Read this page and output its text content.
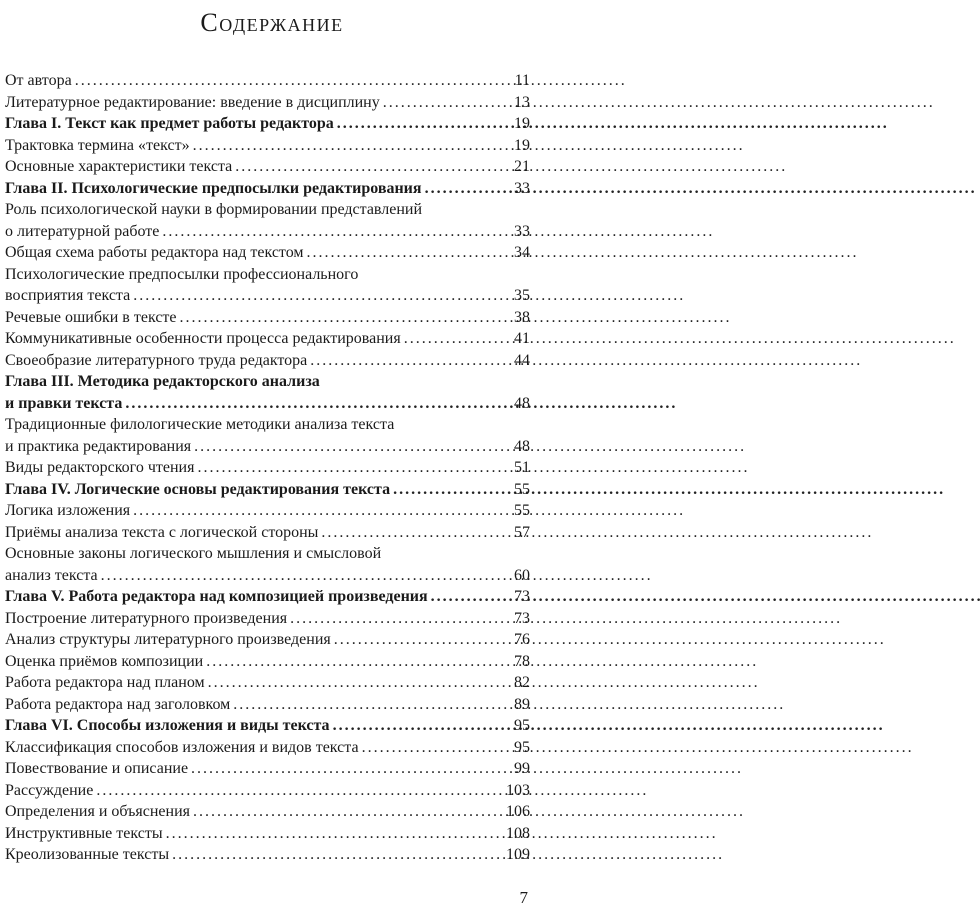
Содержание
От автора . . .	11
Литературное редактирование: введение в дисциплину . . .	13
Глава I. Текст как предмет работы редактора . . .	19
Трактовка термина «текст» . . .	19
Основные характеристики текста . . .	21
Глава II. Психологические предпосылки редактирования . . .	33
Роль психологической науки в формировании представлений
о литературной работе . . .	33
Общая схема работы редактора над текстом . . .	34
Психологические предпосылки профессионального
восприятия текста . . .	35
Речевые ошибки в тексте . . .	38
Коммуникативные особенности процесса редактирования . . .	41
Своеобразие литературного труда редактора . . .	44
Глава III. Методика редакторского анализа
и правки текста . . .	48
Традиционные филологические методики анализа текста
и практика редактирования . . .	48
Виды редакторского чтения . . .	51
Глава IV. Логические основы редактирования текста . . .	55
Логика изложения . . .	55
Приёмы анализа текста с логической стороны . . .	57
Основные законы логического мышления и смысловой
анализ текста . . .	60
Глава V. Работа редактора над композицией произведения . . .	73
Построение литературного произведения . . .	73
Анализ структуры литературного произведения . . .	76
Оценка приёмов композиции . . .	78
Работа редактора над планом . . .	82
Работа редактора над заголовком . . .	89
Глава VI. Способы изложения и виды текста . . .	95
Классификация способов изложения и видов текста . . .	95
Повествование и описание . . .	99
Рассуждение . . .	103
Определения и объяснения . . .	106
Инструктивные тексты . . .	108
Креолизованные тексты . . .	109
7
